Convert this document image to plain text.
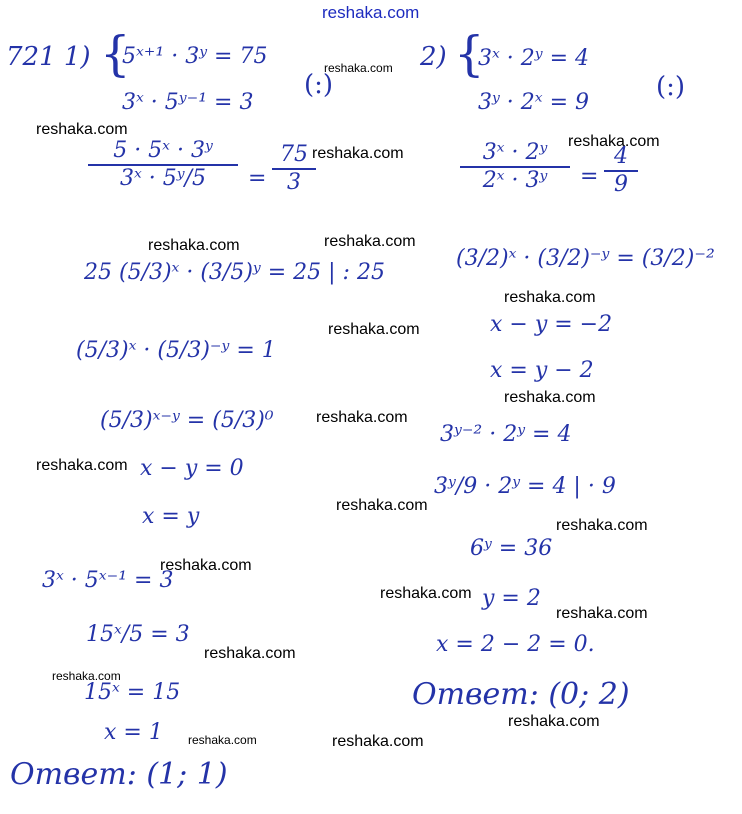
reshaka.com
721 1) {
5ˣ⁺¹ · 3ʸ = 75
3ˣ · 5ʸ⁻¹ = 3
(:)
5 · 5ˣ · 3ʸ
3ˣ · 5ʸ/5	=
75
3
25 (5/3)ˣ · (3/5)ʸ = 25 | : 25
(5/3)ˣ · (5/3)⁻ʸ = 1
(5/3)ˣ⁻ʸ = (5/3)⁰
x − y = 0
x = y
3ˣ · 5ˣ⁻¹ = 3
15ˣ/5 = 3
15ˣ = 15
x = 1
Ответ: (1; 1)
2) {
3ˣ · 2ʸ = 4
3ʸ · 2ˣ = 9
(:)
3ˣ · 2ʸ
2ˣ · 3ʸ	=
4
9
(3/2)ˣ · (3/2)⁻ʸ = (3/2)⁻²
x − y = −2
x = y − 2
3ʸ⁻² · 2ʸ = 4
3ʸ/9 · 2ʸ = 4 | · 9
6ʸ = 36
y = 2
x = 2 − 2 = 0.
Ответ: (0; 2)
reshaka.com
reshaka.com
reshaka.com
reshaka.com
reshaka.com	reshaka.com
reshaka.com
reshaka.com
reshaka.com
reshaka.com
reshaka.com
reshaka.com
reshaka.com
reshaka.com
reshaka.com
reshaka.com
reshaka.com
reshaka.com
reshaka.com
reshaka.com	reshaka.com
